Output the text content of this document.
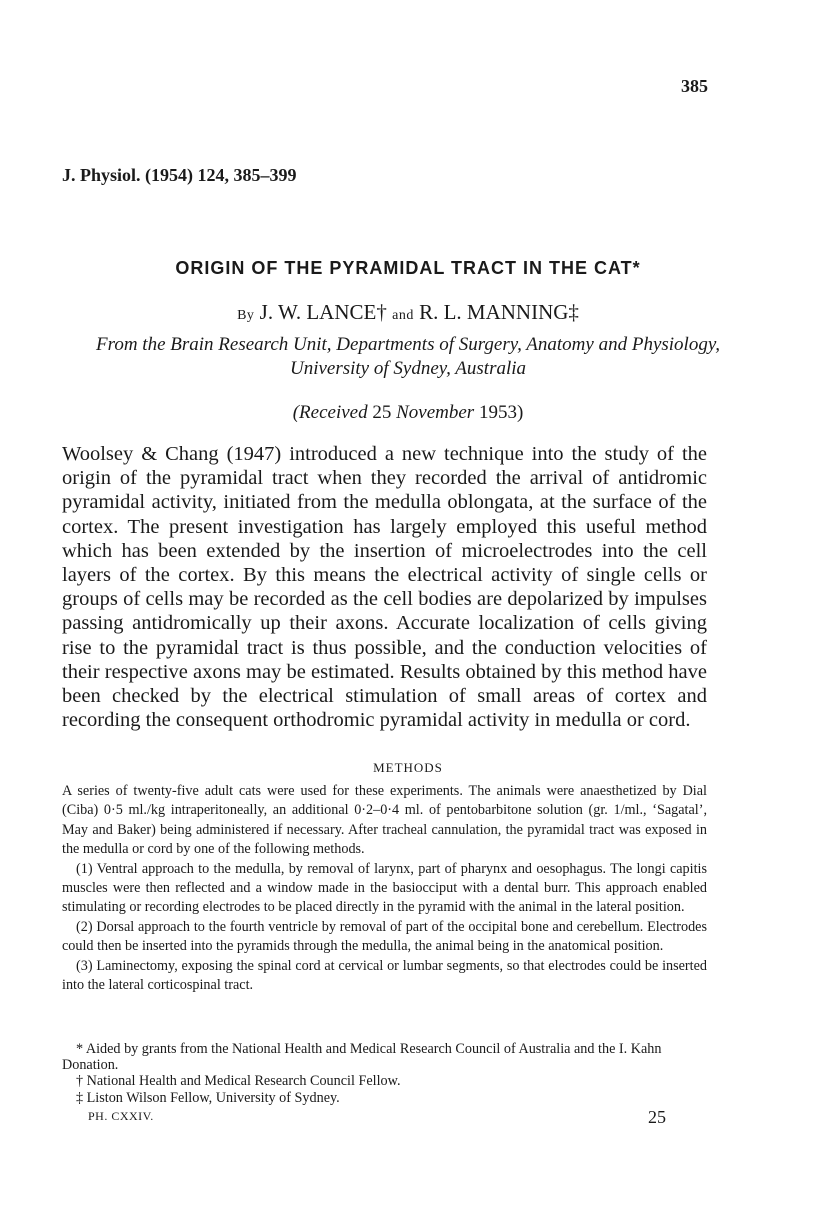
385
J. Physiol. (1954) 124, 385–399
ORIGIN OF THE PYRAMIDAL TRACT IN THE CAT*
By J. W. LANCE† and R. L. MANNING‡
From the Brain Research Unit, Departments of Surgery, Anatomy and Physiology, University of Sydney, Australia
(Received 25 November 1953)

Woolsey & Chang (1947) introduced a new technique into the study of the origin of the pyramidal tract when they recorded the arrival of antidromic pyramidal activity, initiated from the medulla oblongata, at the surface of the cortex. The present investigation has largely employed this useful method which has been extended by the insertion of microelectrodes into the cell layers of the cortex. By this means the electrical activity of single cells or groups of cells may be recorded as the cell bodies are depolarized by impulses passing antidromically up their axons. Accurate localization of cells giving rise to the pyramidal tract is thus possible, and the conduction velocities of their respective axons may be estimated. Results obtained by this method have been checked by the electrical stimulation of small areas of cortex and recording the consequent orthodromic pyramidal activity in medulla or cord.

METHODS

A series of twenty-five adult cats were used for these experiments. The animals were anaesthetized by Dial (Ciba) 0·5 ml./kg intraperitoneally, an additional 0·2–0·4 ml. of pentobarbitone solution (gr. 1/ml., ‘Sagatal’, May and Baker) being administered if necessary. After tracheal cannulation, the pyramidal tract was exposed in the medulla or cord by one of the following methods.

(1) Ventral approach to the medulla, by removal of larynx, part of pharynx and oesophagus. The longi capitis muscles were then reflected and a window made in the basiocciput with a dental burr. This approach enabled stimulating or recording electrodes to be placed directly in the pyramid with the animal in the lateral position.

(2) Dorsal approach to the fourth ventricle by removal of part of the occipital bone and cerebellum. Electrodes could then be inserted into the pyramids through the medulla, the animal being in the anatomical position.

(3) Laminectomy, exposing the spinal cord at cervical or lumbar segments, so that electrodes could be inserted into the lateral corticospinal tract.

* Aided by grants from the National Health and Medical Research Council of Australia and the I. Kahn Donation.

† National Health and Medical Research Council Fellow.

‡ Liston Wilson Fellow, University of Sydney.

PH. CXXIV.	25
